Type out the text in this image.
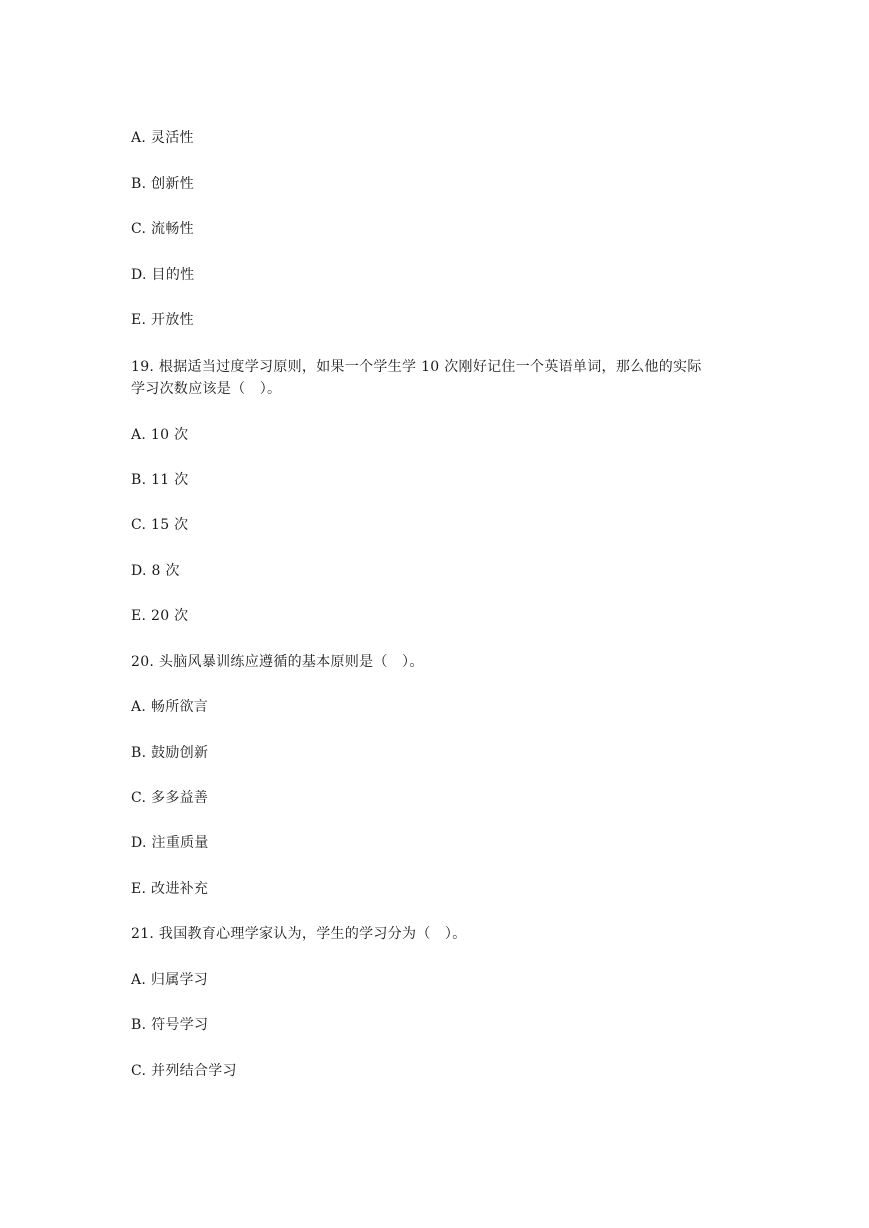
A. 灵活性
B. 创新性
C. 流畅性
D. 目的性
E. 开放性
19. 根据适当过度学习原则，如果一个学生学 10 次刚好记住一个英语单词，那么他的实际
学习次数应该是（　）。
A. 10 次
B. 11 次
C. 15 次
D. 8 次
E. 20 次
20. 头脑风暴训练应遵循的基本原则是（　）。
A. 畅所欲言
B. 鼓励创新
C. 多多益善
D. 注重质量
E. 改进补充
21. 我国教育心理学家认为，学生的学习分为（　）。
A. 归属学习
B. 符号学习
C. 并列结合学习
